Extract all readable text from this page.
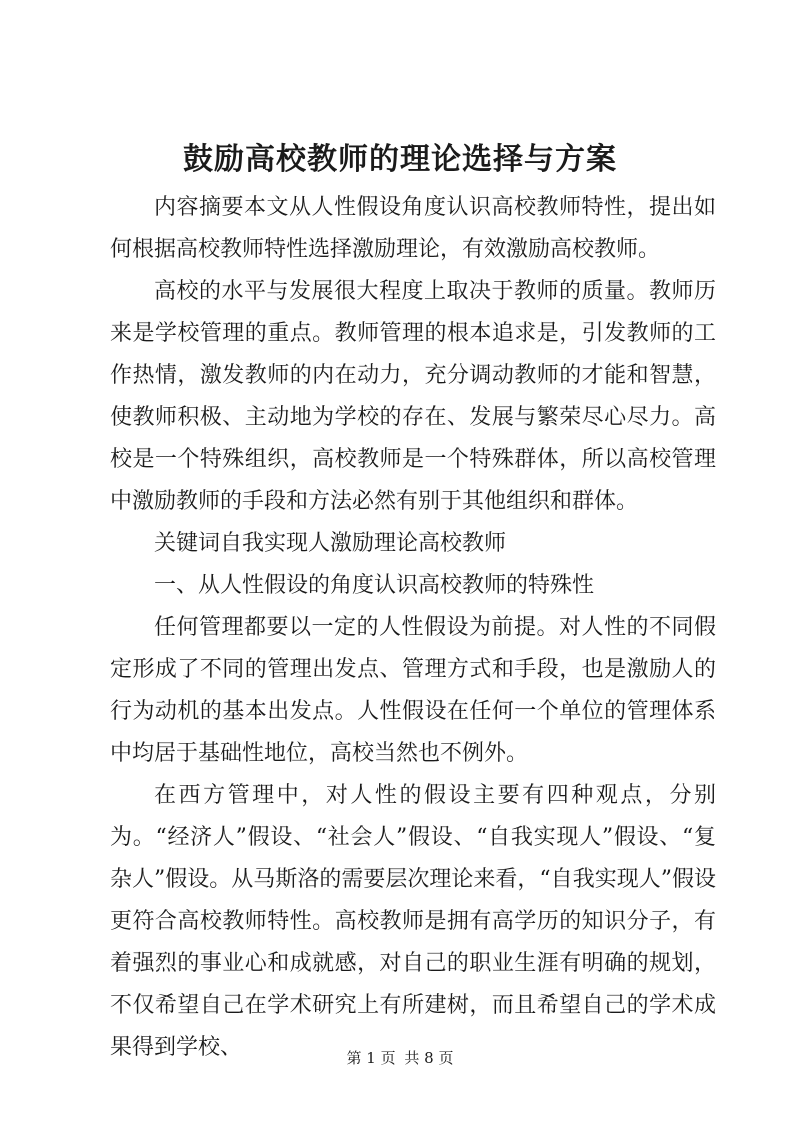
鼓励高校教师的理论选择与方案

内容摘要本文从人性假设角度认识高校教师特性，提出如何根据高校教师特性选择激励理论，有效激励高校教师。

高校的水平与发展很大程度上取决于教师的质量。教师历来是学校管理的重点。教师管理的根本追求是，引发教师的工作热情，激发教师的内在动力，充分调动教师的才能和智慧，使教师积极、主动地为学校的存在、发展与繁荣尽心尽力。高校是一个特殊组织，高校教师是一个特殊群体，所以高校管理中激励教师的手段和方法必然有别于其他组织和群体。

关键词自我实现人激励理论高校教师

一、从人性假设的角度认识高校教师的特殊性

任何管理都要以一定的人性假设为前提。对人性的不同假定形成了不同的管理出发点、管理方式和手段，也是激励人的行为动机的基本出发点。人性假设在任何一个单位的管理体系中均居于基础性地位，高校当然也不例外。

在西方管理中，对人性的假设主要有四种观点，分别为。“经济人”假设、“社会人”假设、“自我实现人”假设、“复杂人”假设。从马斯洛的需要层次理论来看，“自我实现人”假设更符合高校教师特性。高校教师是拥有高学历的知识分子，有着强烈的事业心和成就感，对自己的职业生涯有明确的规划，不仅希望自己在学术研究上有所建树，而且希望自己的学术成果得到学校、	第 1 页 共 8 页
